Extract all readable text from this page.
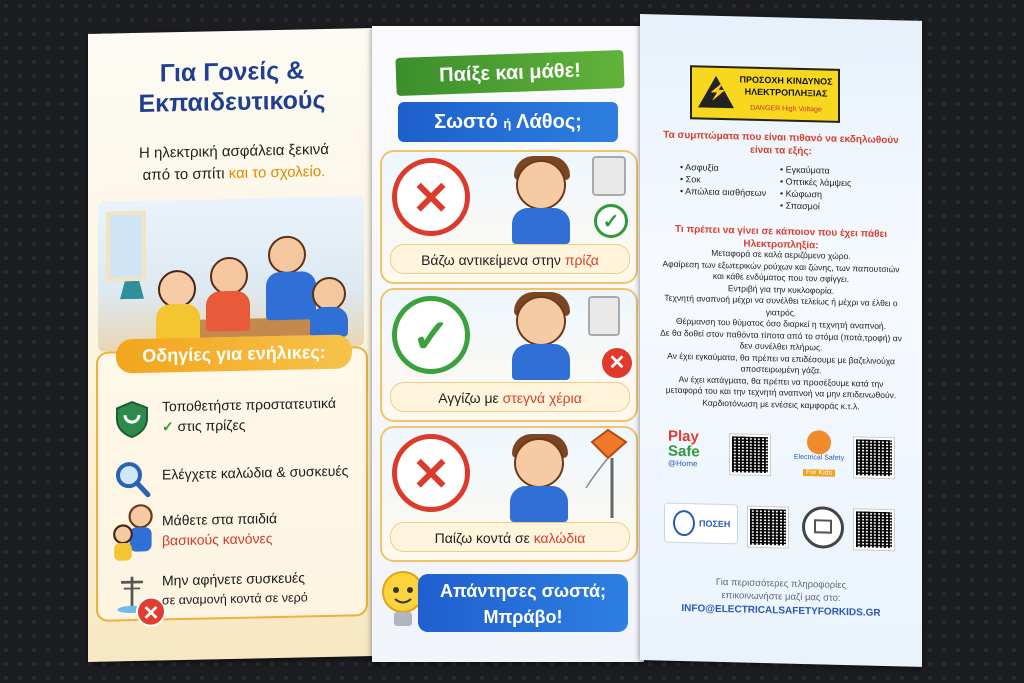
Για Γονείς &
Εκπαιδευτικούς
Η ηλεκτρική ασφάλεια ξεκινά
από το σπίτι και το σχολείο.
Οδηγίες για ενήλικες:
Τοποθετήστε προστατευτικά
✓ στις πρίζες
Ελέγχετε καλώδια & συσκευές
Μάθετε στα παιδιά
βασικούς κανόνες
✕
Μην αφήνετε συσκευές
σε αναμονή κοντά σε νερό
Παίξε και μάθε!
Σωστό ή Λάθος;
✕	✓
Βάζω αντικείμενα στην πρίζα
✓
✕
Αγγίζω με στεγνά χέρια
✕
Παίζω κοντά σε καλώδια
Απάντησες σωστά;
Μπράβο!
⚡
ΠΡΟΣΟΧΗ ΚΙΝΔΥΝΟΣ
ΗΛΕΚΤΡΟΠΛΗΞΙΑΣ
DANGER High Voltage
Τα συμπτώματα που είναι πιθανό να εκδηλωθούν είναι τα εξής:
• Ασφυξία
• Σοκ
• Απώλεια αισθήσεων
• Εγκαύματα
• Οπτικές λάμψεις
• Κώφωση
• Σπασμοί
Τι πρέπει να γίνει σε κάποιον που έχει πάθει Ηλεκτροπληξία:
Μεταφορά σε καλά αεριζόμενο χώρο.
Αφαίρεση των εξωτερικών ρούχων και ζώνης, των παπουτσιών και κάθε ενδύματος που τον σφίγγει.
Εντριβή για την κυκλοφορία.
Τεχνητή αναπνοή μέχρι να συνέλθει τελείως ή μέχρι να έλθει ο γιατρός.
Θέρμανση του θύματος όσο διαρκεί η τεχνητή αναπνοή.
Δε θα δοθεί στον παθόντα τίποτα από το στόμα (ποτά,τροφή) αν δεν συνέλθει πλήρως.
Αν έχει εγκαύματα, θα πρέπει να επιδέσουμε με βαζελινούχα αποστειρωμένη γάζα.
Αν έχει κατάγματα, θα πρέπει να προσέξουμε κατά την μεταφορά του και την τεχνητή αναπνοή να μην επιδεινωθούν.
Καρδιοτόνωση με ενέσεις καμφοράς κ.τ.λ.
Play
Safe
@Home
Electrical Safety
For Kids
ΠΟΣΕΗ
Για περισσότερες πληροφορίες
επικοινωνήστε μαζί μας στο:
INFO@ELECTRICALSAFETYFORKIDS.GR
